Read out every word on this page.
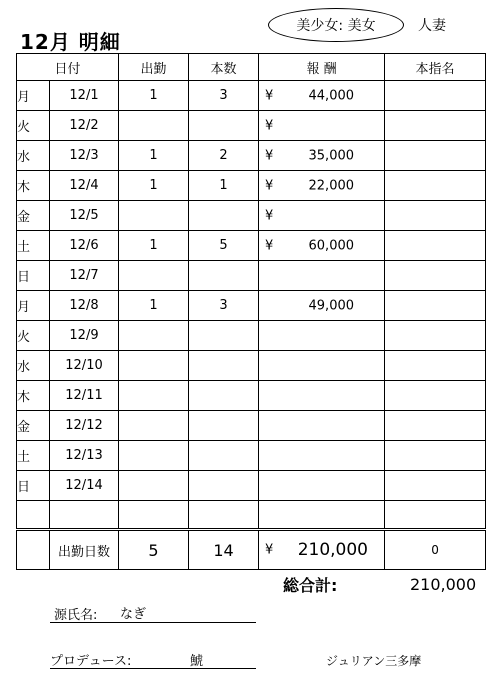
12月 明細
美少女: 美女	人妻
日付		出勤	本数	報 酬	本指名
月	12/1	1	3	¥ 44,000	

火	12/2			¥	

水	12/3	1	2	¥ 35,000	

木	12/4	1	1	¥ 22,000	

金	12/5			¥	

土	12/6	1	5	¥ 60,000	

日	12/7			

月	12/8	1	3	49,000	

火	12/9			

水	12/10			

木	12/11			

金	12/12			

土	12/13			

日	12/14			

	出勤日数	5	14	¥ 210,000	0
総合計:	210,000
源氏名: なぎ
プロデュース:	鯱	ジュリアン三多摩
